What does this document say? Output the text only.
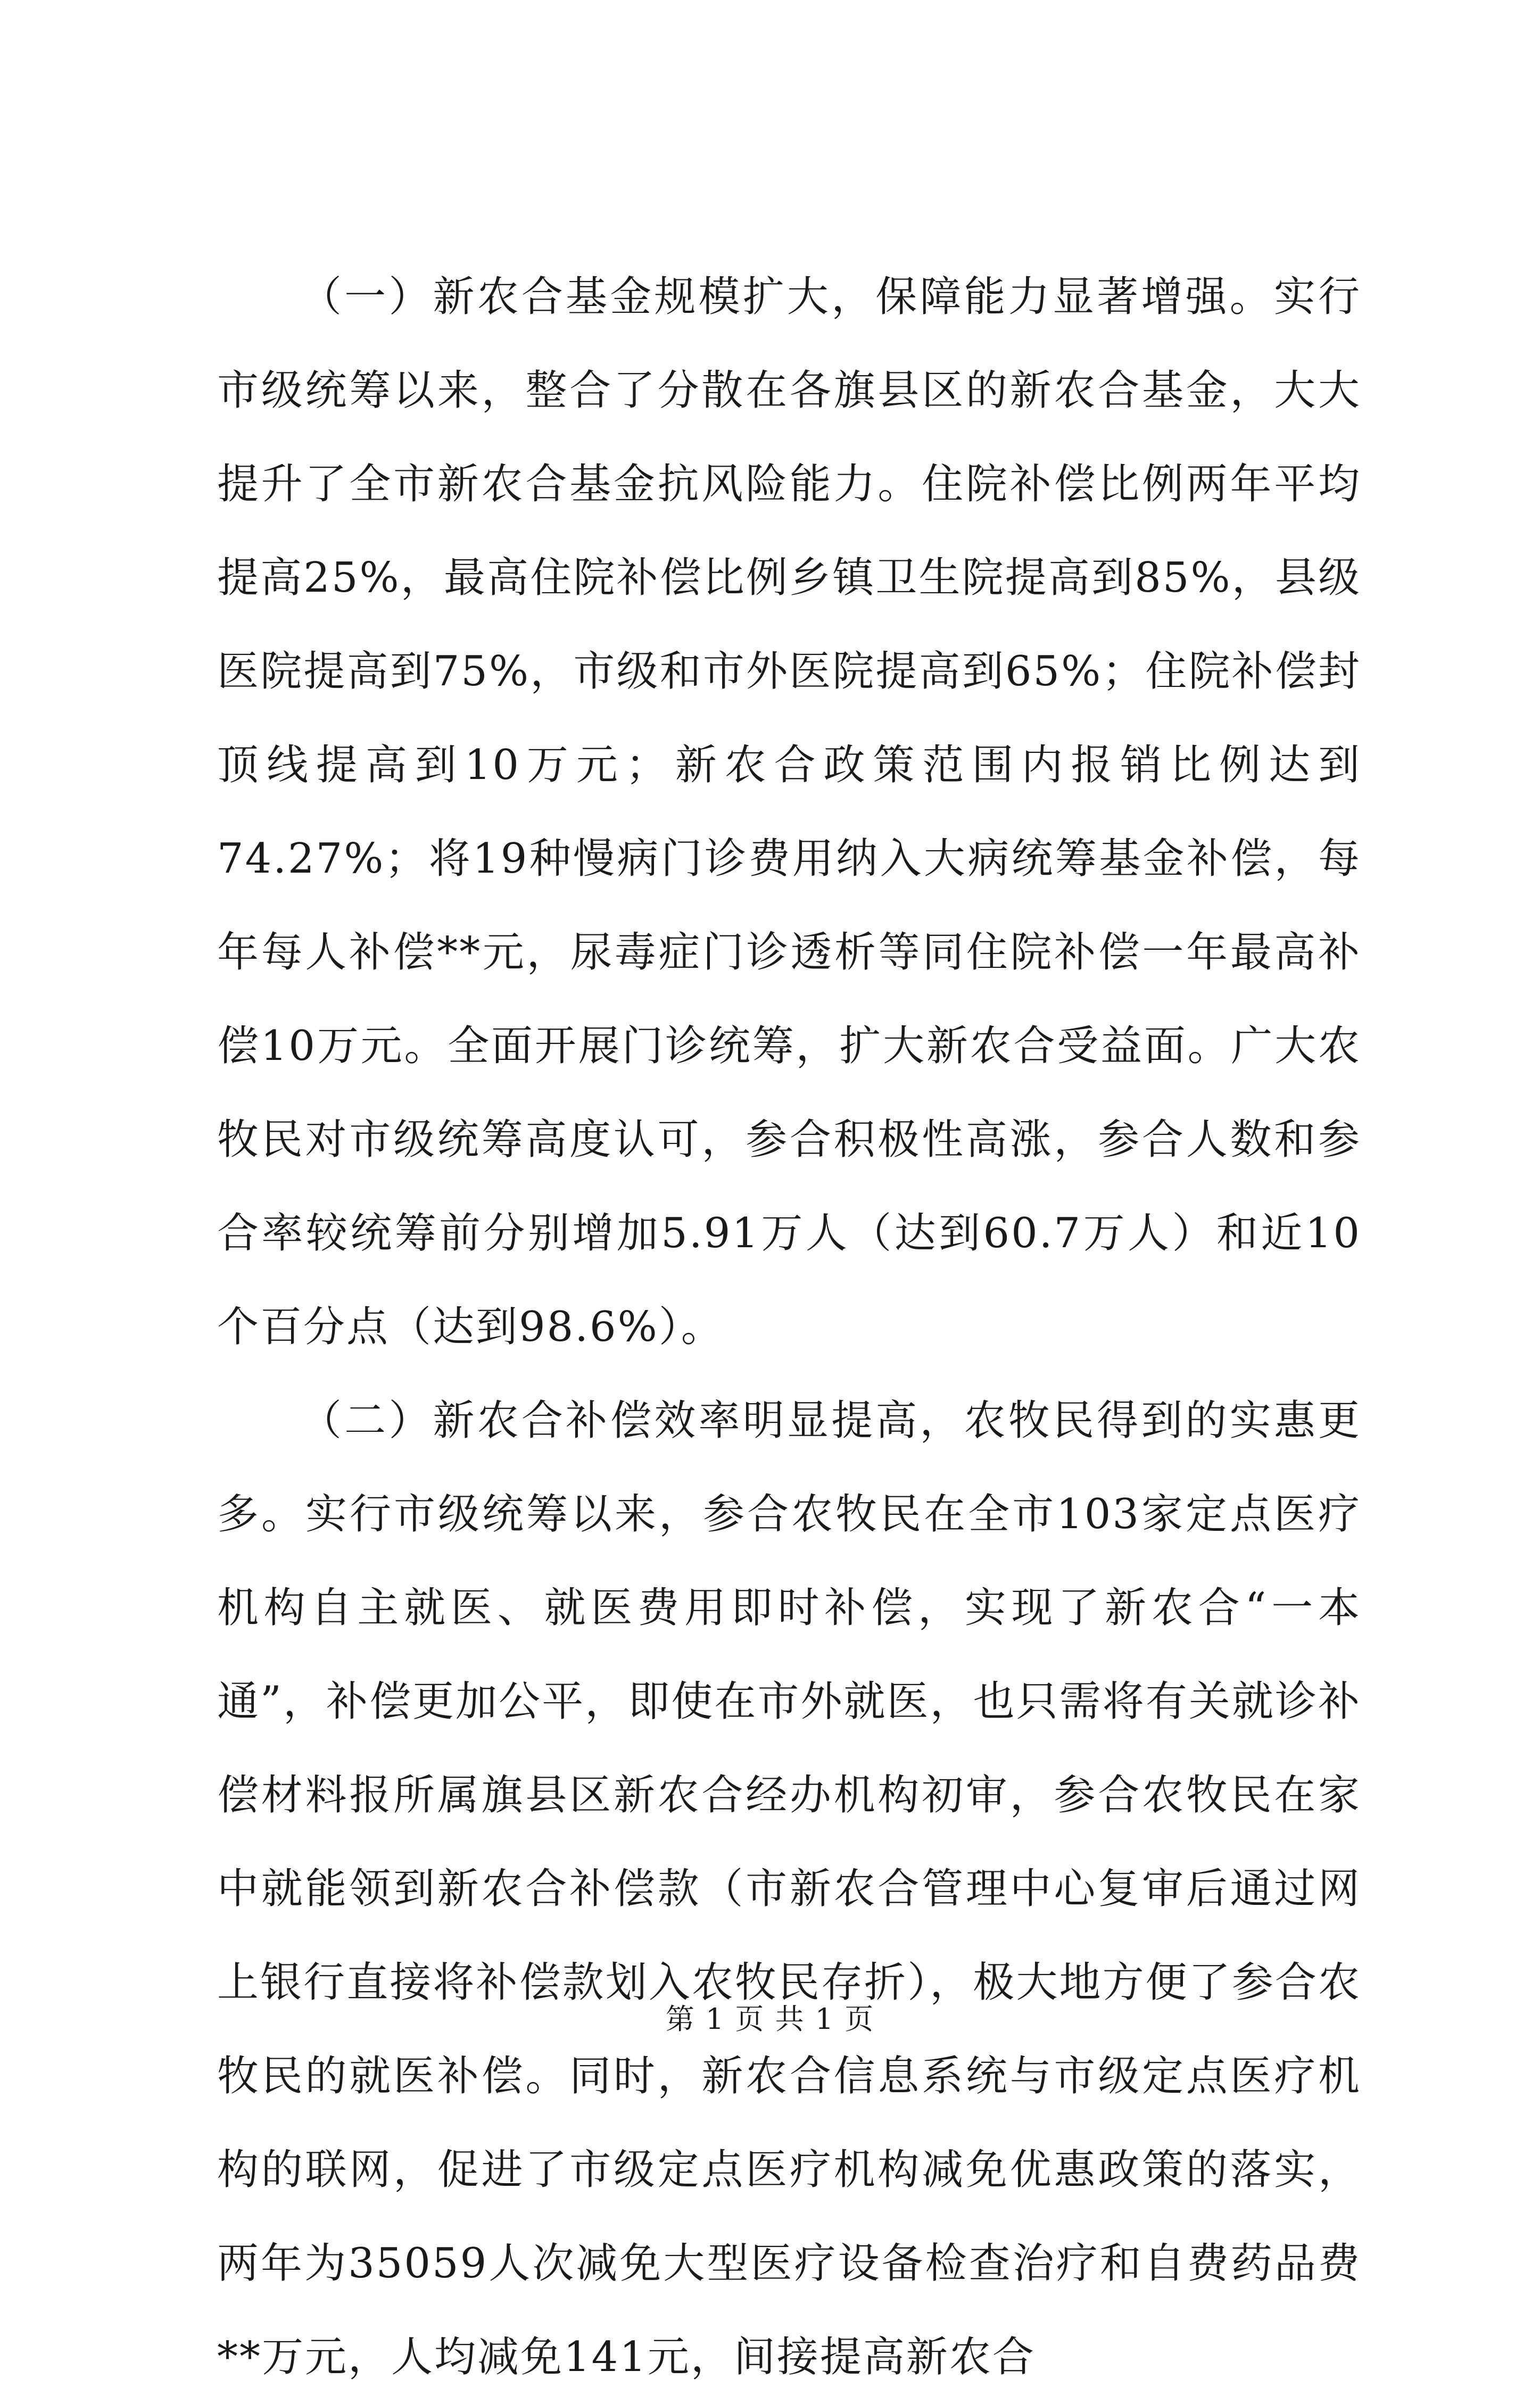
（一）新农合基金规模扩大，保障能力显著增强。实行市级统筹以来，整合了分散在各旗县区的新农合基金，大大提升了全市新农合基金抗风险能力。住院补偿比例两年平均提高25%，最高住院补偿比例乡镇卫生院提高到85%，县级医院提高到75%，市级和市外医院提高到65%；住院补偿封顶线提高到10万元；新农合政策范围内报销比例达到74.27%；将19种慢病门诊费用纳入大病统筹基金补偿，每年每人补偿**元，尿毒症门诊透析等同住院补偿一年最高补偿10万元。全面开展门诊统筹，扩大新农合受益面。广大农牧民对市级统筹高度认可，参合积极性高涨，参合人数和参合率较统筹前分别增加5.91万人（达到60.7万人）和近10个百分点（达到98.6%）。

（二）新农合补偿效率明显提高，农牧民得到的实惠更多。实行市级统筹以来，参合农牧民在全市103家定点医疗机构自主就医、就医费用即时补偿，实现了新农合“一本通”，补偿更加公平，即使在市外就医，也只需将有关就诊补偿材料报所属旗县区新农合经办机构初审，参合农牧民在家中就能领到新农合补偿款（市新农合管理中心复审后通过网上银行直接将补偿款划入农牧民存折），极大地方便了参合农牧民的就医补偿。同时，新农合信息系统与市级定点医疗机构的联网，促进了市级定点医疗机构减免优惠政策的落实，两年为35059人次减免大型医疗设备检查治疗和自费药品费**万元，人均减免141元，间接提高新农合

第 1 页 共 1 页
